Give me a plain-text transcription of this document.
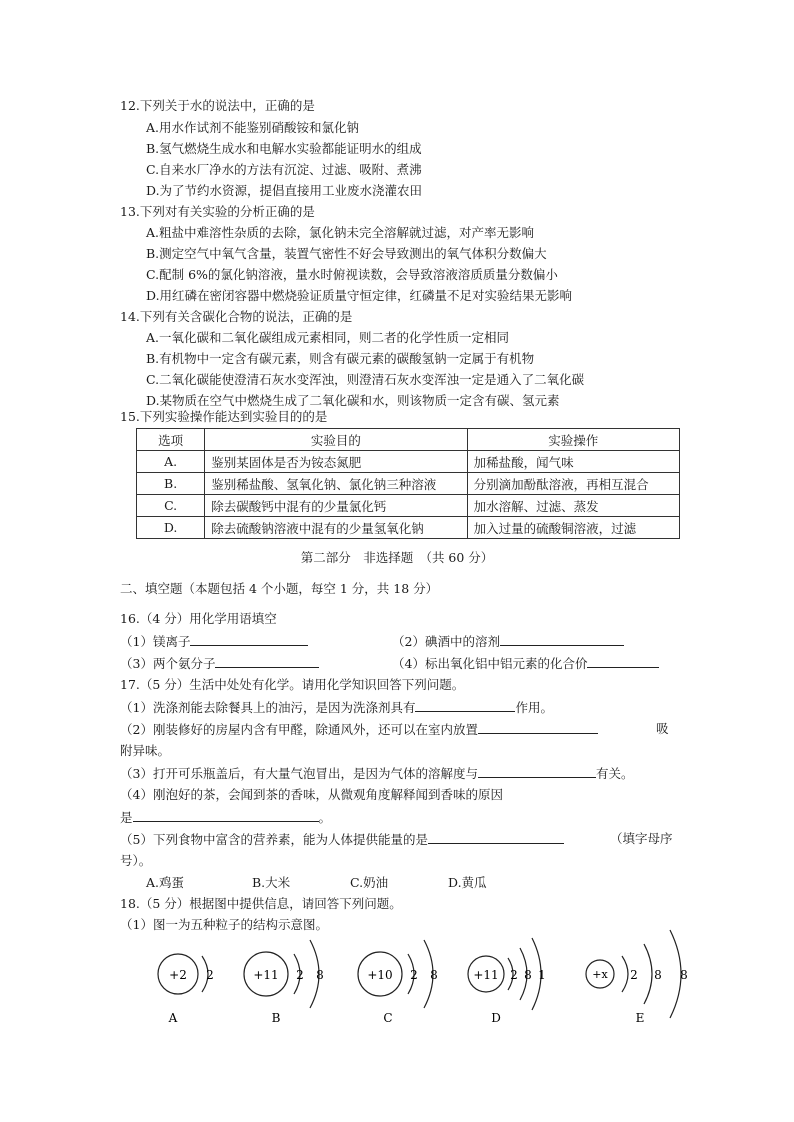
12.下列关于水的说法中，正确的是
A.用水作试剂不能鉴别硝酸铵和氯化钠
B.氢气燃烧生成水和电解水实验都能证明水的组成
C.自来水厂净水的方法有沉淀、过滤、吸附、煮沸
D.为了节约水资源，提倡直接用工业废水浇灌农田
13.下列对有关实验的分析正确的是
A.粗盐中难溶性杂质的去除，氯化钠未完全溶解就过滤，对产率无影响
B.测定空气中氧气含量，装置气密性不好会导致测出的氧气体积分数偏大
C.配制 6%的氯化钠溶液，量水时俯视读数，会导致溶液溶质质量分数偏小
D.用红磷在密闭容器中燃烧验证质量守恒定律，红磷量不足对实验结果无影响
14.下列有关含碳化合物的说法，正确的是
A.一氧化碳和二氧化碳组成元素相同，则二者的化学性质一定相同
B.有机物中一定含有碳元素，则含有碳元素的碳酸氢钠一定属于有机物
C.二氧化碳能使澄清石灰水变浑浊，则澄清石灰水变浑浊一定是通入了二氧化碳
D.某物质在空气中燃烧生成了二氧化碳和水，则该物质一定含有碳、氢元素
15.下列实验操作能达到实验目的的是
选项	实验目的	实验操作
A.	鉴别某固体是否为铵态氮肥	加稀盐酸，闻气味
B.	鉴别稀盐酸、氢氧化钠、氯化钠三种溶液	分别滴加酚酞溶液，再相互混合
C.	除去碳酸钙中混有的少量氯化钙	加水溶解、过滤、蒸发
D.	除去硫酸钠溶液中混有的少量氢氧化钠	加入过量的硫酸铜溶液，过滤
第二部分　非选择题　（共 60 分）
二、填空题（本题包括 4 个小题，每空 1 分，共 18 分）
16.（4 分）用化学用语填空
（1）镁离子	（2）碘酒中的溶剂
（3）两个氨分子	（4）标出氧化铝中铝元素的化合价
17.（5 分）生活中处处有化学。请用化学知识回答下列问题。
（1）洗涤剂能去除餐具上的油污，是因为洗涤剂具有	作用。
（2）刚装修好的房屋内含有甲醛，除通风外，还可以在室内放置	吸
附异味。
（3）打开可乐瓶盖后，有大量气泡冒出，是因为气体的溶解度与	有关。
（4）刚泡好的茶，会闻到茶的香味，从微观角度解释闻到香味的原因
是	。
（5）下列食物中富含的营养素，能为人体提供能量的是	（填字母序
号）。
A.鸡蛋	B.大米	C.奶油	D.黄瓜
18.（5 分）根据图中提供信息，请回答下列问题。
（1）图一为五种粒子的结构示意图。
+2 2
A
+11 2 8
B
+10 2 8
C
+11 2 8 1
D
+x 2 8 8
E
